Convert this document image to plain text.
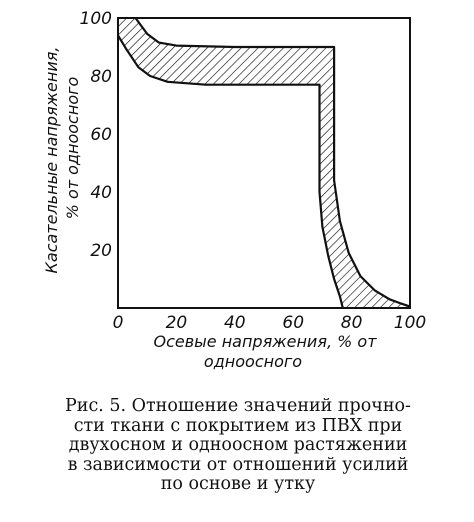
0 20 40 60 80 100
20
40
60
80
100
Осевые напряжения, % от
одноосного
Касательные напряжения, % от одноосного
Рис. 5. Отношение значений прочно-
сти ткани с покрытием из ПВХ при
двухосном и одноосном растяжении
в зависимости от отношений усилий
по основе и утку
